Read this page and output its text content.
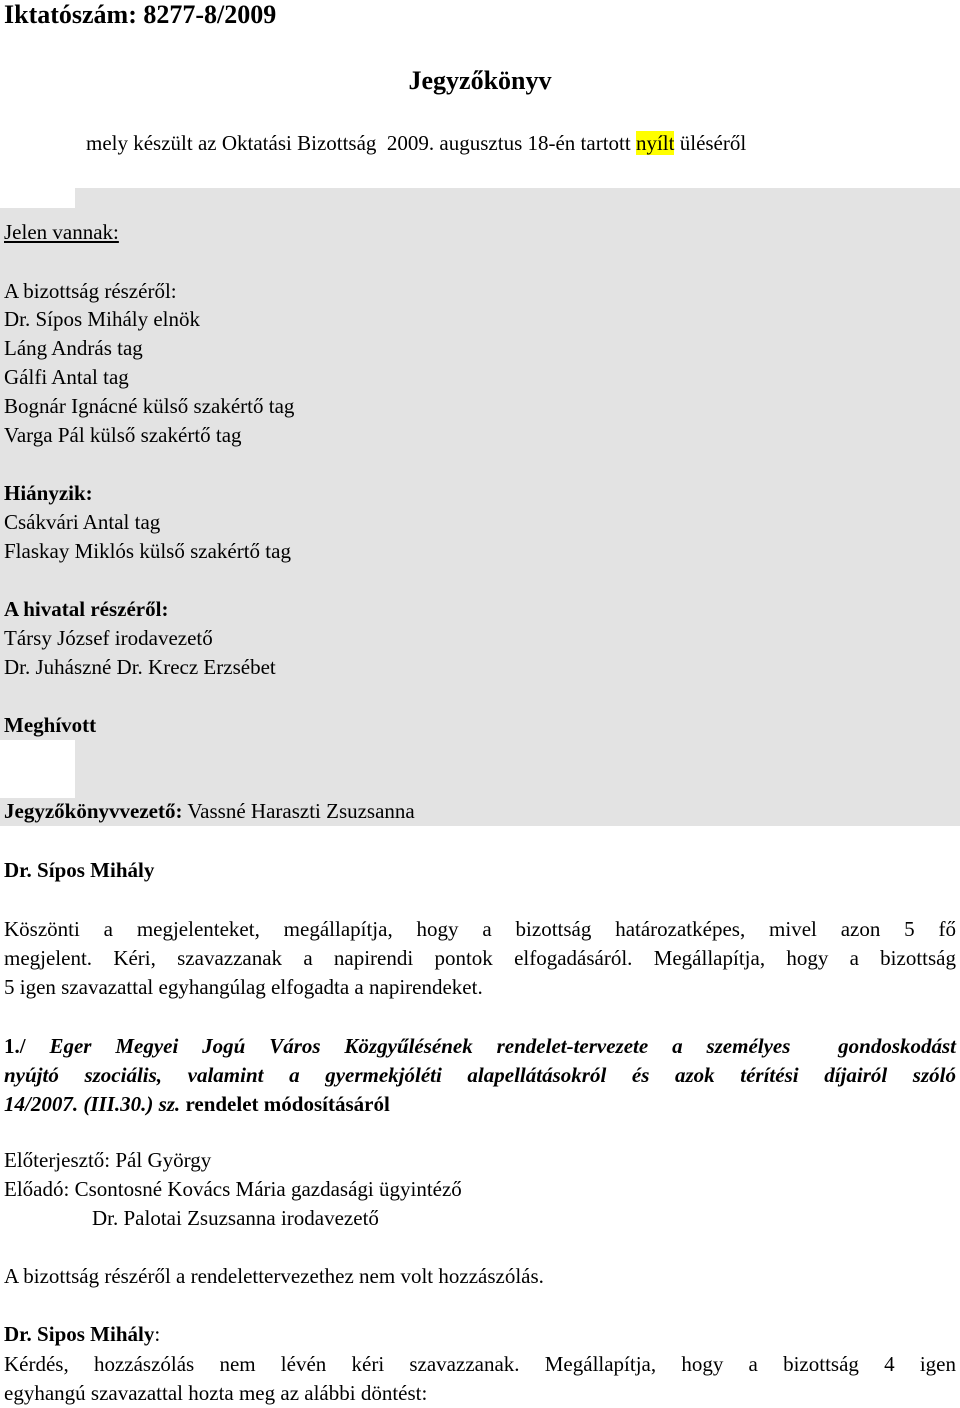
Iktatószám: 8277-8/2009
Jegyzőkönyv
mely készült az Oktatási Bizottság  2009. augusztus 18-én tartott nyílt üléséről
Jelen vannak:
A bizottság részéről:
Dr. Sípos Mihály elnök
Láng András tag
Gálfi Antal tag
Bognár Ignácné külső szakértő tag
Varga Pál külső szakértő tag
Hiányzik:
Csákvári Antal tag
Flaskay Miklós külső szakértő tag
A hivatal részéről:
Társy József irodavezető
Dr. Juhászné Dr. Krecz Erzsébet
Meghívott
Jegyzőkönyvvezető: Vassné Haraszti Zsuzsanna
Dr. Sípos Mihály
Köszönti a megjelenteket, megállapítja, hogy a bizottság határozatképes, mivel azon 5 fő
megjelent. Kéri, szavazzanak a napirendi pontok elfogadásáról. Megállapítja, hogy a bizottság
5 igen szavazattal egyhangúlag elfogadta a napirendeket.
1./ Eger Megyei Jogú Város Közgyűlésének rendelet-tervezete a személyes  gondoskodást
nyújtó szociális, valamint a gyermekjóléti alapellátásokról és azok térítési díjairól szóló
14/2007. (III.30.) sz. rendelet módosításáról
Előterjesztő: Pál György
Előadó: Csontosné Kovács Mária gazdasági ügyintéző
Dr. Palotai Zsuzsanna irodavezető
A bizottság részéről a rendelettervezethez nem volt hozzászólás.
Dr. Sipos Mihály:
Kérdés, hozzászólás nem lévén kéri szavazzanak. Megállapítja, hogy a bizottság 4 igen
egyhangú szavazattal hozta meg az alábbi döntést:
